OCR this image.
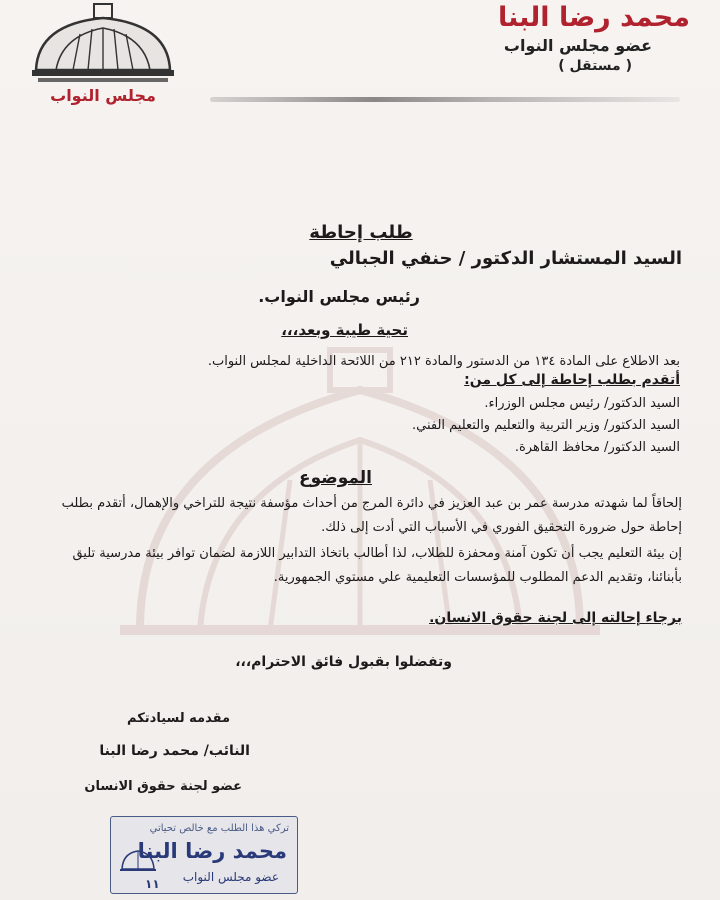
مجلس النواب
محمد رضا البنا
عضو مجلس النواب
( مستقل )
طلب إحاطة
السيد المستشار الدكتور / حنفي الجبالي
رئيس مجلس النواب.
تحية طيبة وبعد،،،
بعد الاطلاع على المادة ١٣٤ من الدستور والمادة ٢١٢ من اللائحة الداخلية لمجلس النواب.
أتقدم بطلب إحاطة إلى كل من:
السيد الدكتور/ رئيس مجلس الوزراء.
السيد الدكتور/ وزير التربية والتعليم والتعليم الفني.
السيد الدكتور/ محافظ القاهرة.
الموضوع
إلحاقاً لما شهدته مدرسة عمر بن عبد العزيز في دائرة المرج من أحداث مؤسفة نتيجة للتراخي والإهمال، أتقدم بطلب
إحاطة حول ضرورة التحقيق الفوري في الأسباب التي أدت إلى ذلك.
إن بيئة التعليم يجب أن تكون آمنة ومحفزة للطلاب، لذا أطالب باتخاذ التدابير اللازمة لضمان توافر بيئة مدرسية تليق
بأبنائنا، وتقديم الدعم المطلوب للمؤسسات التعليمية علي مستوي الجمهورية.
برجاء إحالته إلى لجنة حقوق الانسان.
وتفضلوا بقبول فائق الاحترام،،،
مقدمه لسيادتكم
النائب/ محمد رضا البنا
عضو لجنة حقوق الانسان
تركي هذا الطلب مع خالص تحياتي
محمد رضا البنا
عضو مجلس النواب
١١
